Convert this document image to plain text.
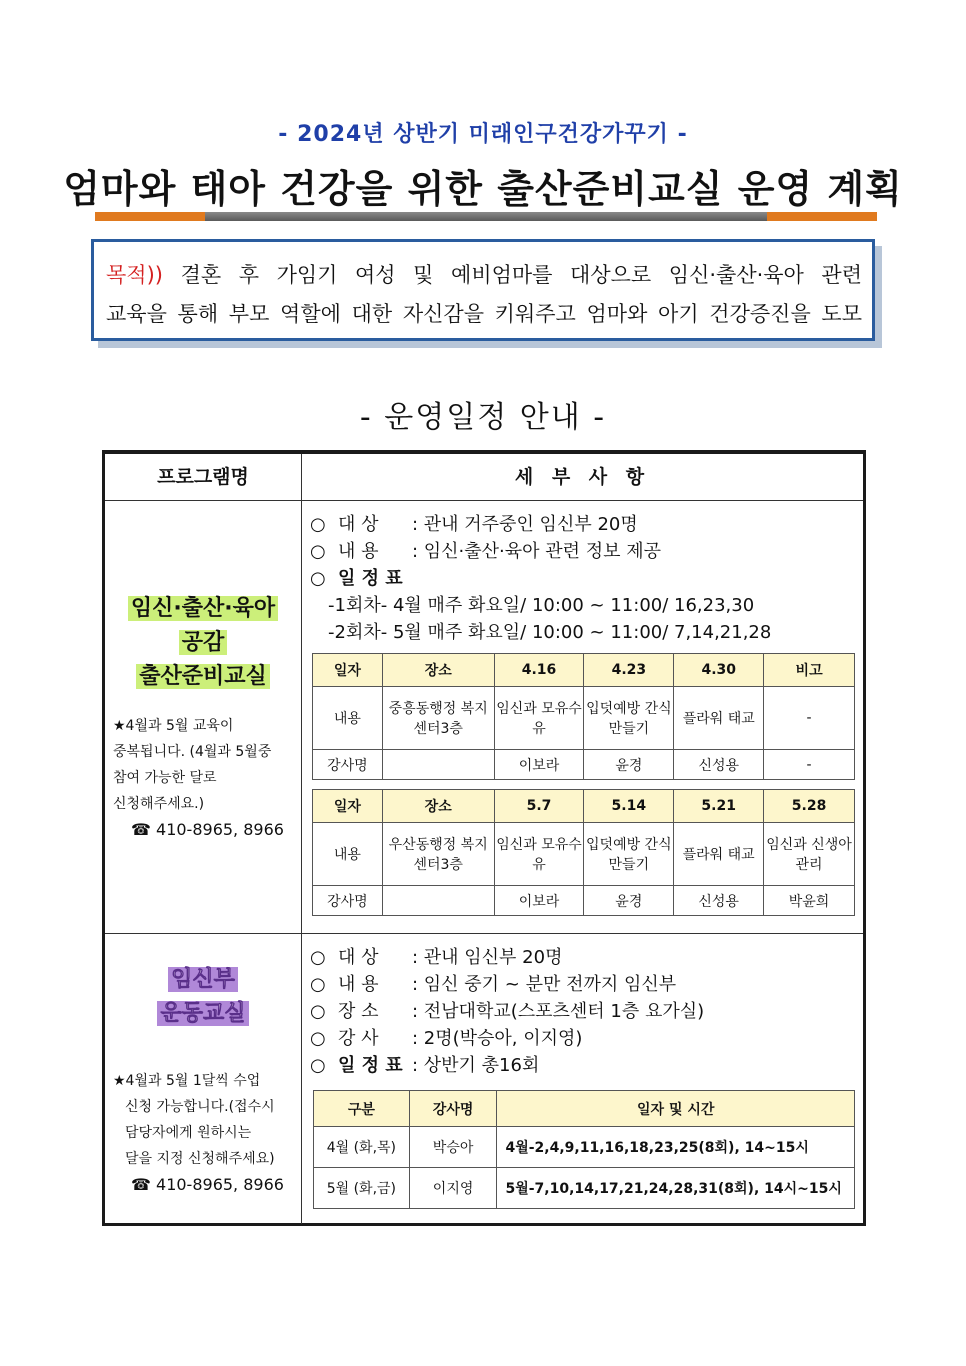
- 2024년 상반기 미래인구건강가꾸기 -
엄마와 태아 건강을 위한 출산준비교실 운영 계획
목적)) 결혼 후 가임기 여성 및 예비엄마를 대상으로 임신·출산·육아 관련
교육을 통해 부모 역할에 대한 자신감을 키워주고 엄마와 아기 건강증진을 도모
- 운영일정 안내 -
프로그램명	세 부 사 항
임신·출산·육아
공감
출산준비교실
★4월과 5월 교육이
중복됩니다. (4월과 5월중
참여 가능한 달로
신청해주세요.)
☎ 410-8965, 8966
○ 대 상 : 관내 거주중인 임신부 20명
○ 내 용 : 임신·출산·육아 관련 정보 제공
○ 일 정 표
-1회차- 4월 매주 화요일/ 10:00 ~ 11:00/ 16,23,30
-2회차- 5월 매주 화요일/ 10:00 ~ 11:00/ 7,14,21,28
일자	장소	4.16	4.23	4.30	비고
내용	중흥동행정 복지센터3층	임신과 모유수유	입덧예방 간식만들기	플라워 태교	-
강사명		이보라	윤경	신성용	-
일자	장소	5.7	5.14	5.21	5.28
내용	우산동행정 복지센터3층	임신과 모유수유	입덧예방 간식만들기	플라워 태교	임신과 신생아관리
강사명		이보라	윤경	신성용	박윤희
임신부
운동교실
★4월과 5월 1달씩 수업
신청 가능합니다.(접수시
담당자에게 원하시는
달을 지정 신청해주세요)
☎ 410-8965, 8966
○ 대 상 : 관내 임신부 20명
○ 내 용 : 임신 중기 ~ 분만 전까지 임신부
○ 장 소 : 전남대학교(스포츠센터 1층 요가실)
○ 강 사 : 2명(박승아, 이지영)
○ 일 정 표 : 상반기 총16회
구분	강사명	일자 및 시간
4월 (화,목)	박승아	4월-2,4,9,11,16,18,23,25(8회), 14~15시
5월 (화,금)	이지영	5월-7,10,14,17,21,24,28,31(8회), 14시~15시
